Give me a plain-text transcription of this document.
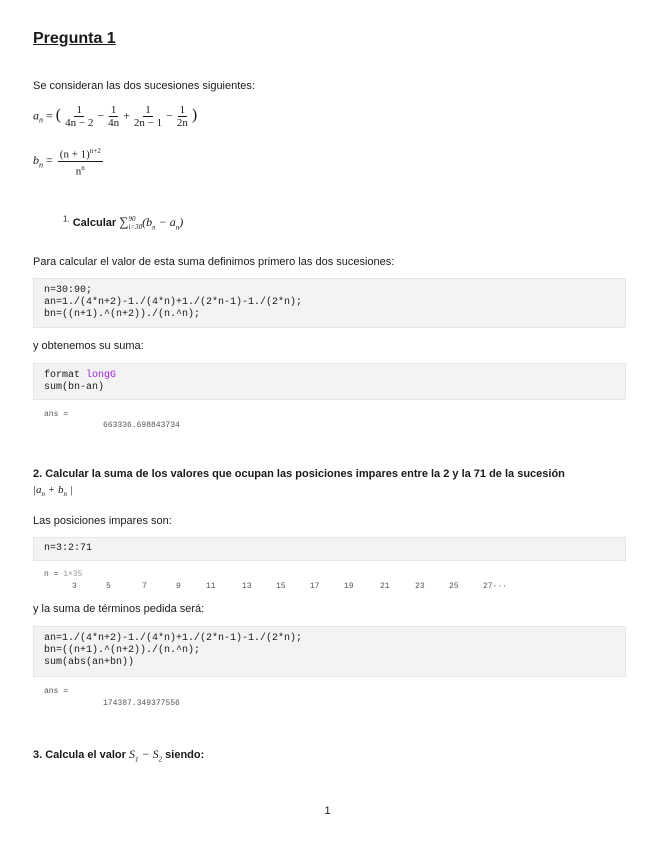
Pregunta 1
Se consideran las dos sucesiones siguientes:
$a_n$ = ( $\frac{1}{4n - 2} - \frac{1}{4n} + \frac{1}{2n - 1} - \frac{1}{2n}$ )
$b_n = \frac{(n + 1)^{n+2}}{n^n}$
$^{1.}$ Calcular ∑ 90
i=30 $(b_n - a_n)$
Para calcular el valor de esta suma definimos primero las dos sucesiones:
n=30:90;
an=1./(4*n+2)-1./(4*n)+1./(2*n-1)-1./(2*n);
bn=((n+1).^(n+2))./(n.^n);
y obtenemos su suma:
format longG
sum(bn-an)
ans =
663336.698843734
2. Calcular la suma de los valores que ocupan las posiciones impares entre la 2 y la 71 de la sucesión
$|a_n + b_n$ |
Las posiciones impares son:
n=3:2:71
n = 1×35
3	5	7	9	11	13	15	17	19	21	23	25	27···
y la suma de términos pedida será:
an=1./(4*n+2)-1./(4*n)+1./(2*n-1)-1./(2*n);
bn=((n+1).^(n+2))./(n.^n);
sum(abs(an+bn))
ans =
174387.349377556
3. Calcula el valor $S_1 - S_2$ siendo:
1
